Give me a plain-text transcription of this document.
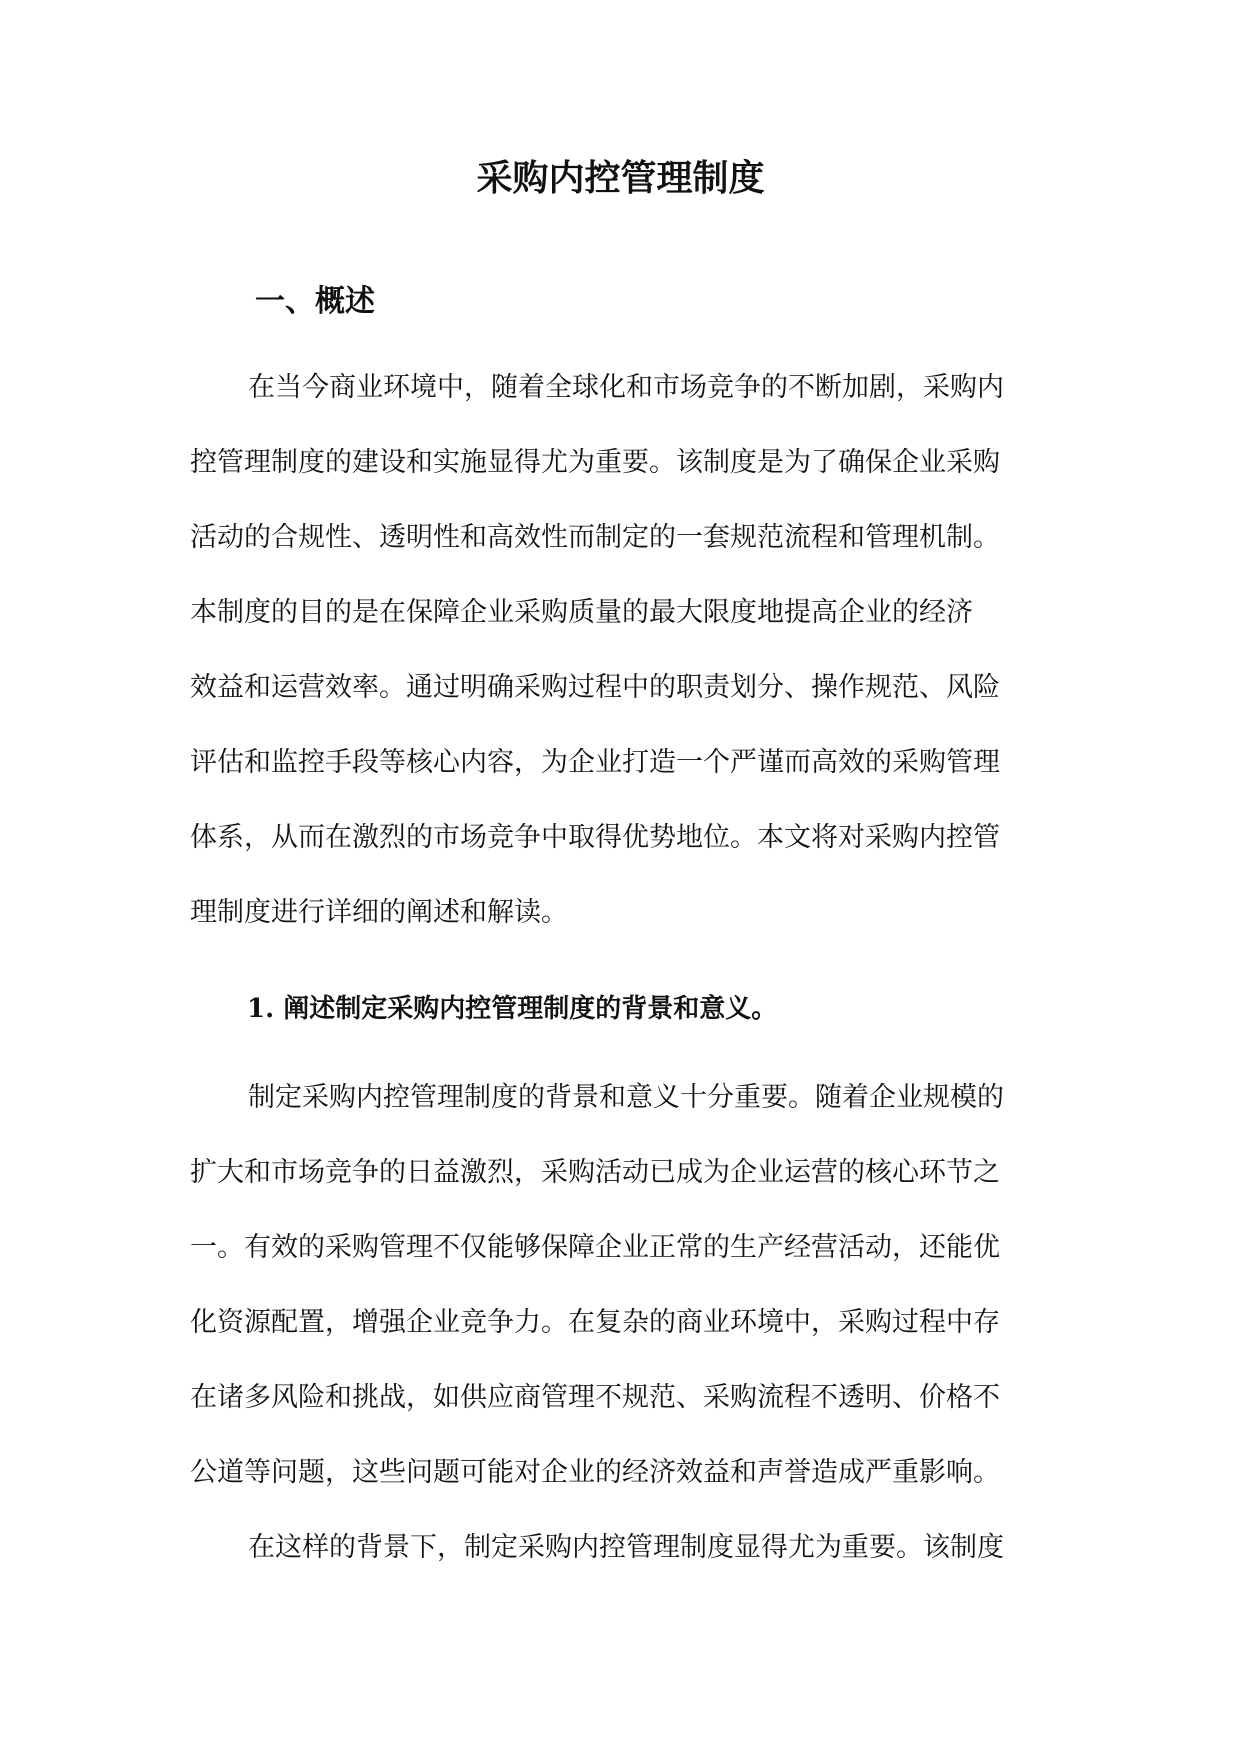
采购内控管理制度
一、概述

在当今商业环境中，随着全球化和市场竞争的不断加剧，采购内
控管理制度的建设和实施显得尤为重要。该制度是为了确保企业采购
活动的合规性、透明性和高效性而制定的一套规范流程和管理机制。
本制度的目的是在保障企业采购质量的最大限度地提高企业的经济
效益和运营效率。通过明确采购过程中的职责划分、操作规范、风险
评估和监控手段等核心内容，为企业打造一个严谨而高效的采购管理
体系，从而在激烈的市场竞争中取得优势地位。本文将对采购内控管
理制度进行详细的阐述和解读。

1. 阐述制定采购内控管理制度的背景和意义。

制定采购内控管理制度的背景和意义十分重要。随着企业规模的
扩大和市场竞争的日益激烈，采购活动已成为企业运营的核心环节之
一。有效的采购管理不仅能够保障企业正常的生产经营活动，还能优
化资源配置，增强企业竞争力。在复杂的商业环境中，采购过程中存
在诸多风险和挑战，如供应商管理不规范、采购流程不透明、价格不
公道等问题，这些问题可能对企业的经济效益和声誉造成严重影响。

在这样的背景下，制定采购内控管理制度显得尤为重要。该制度
